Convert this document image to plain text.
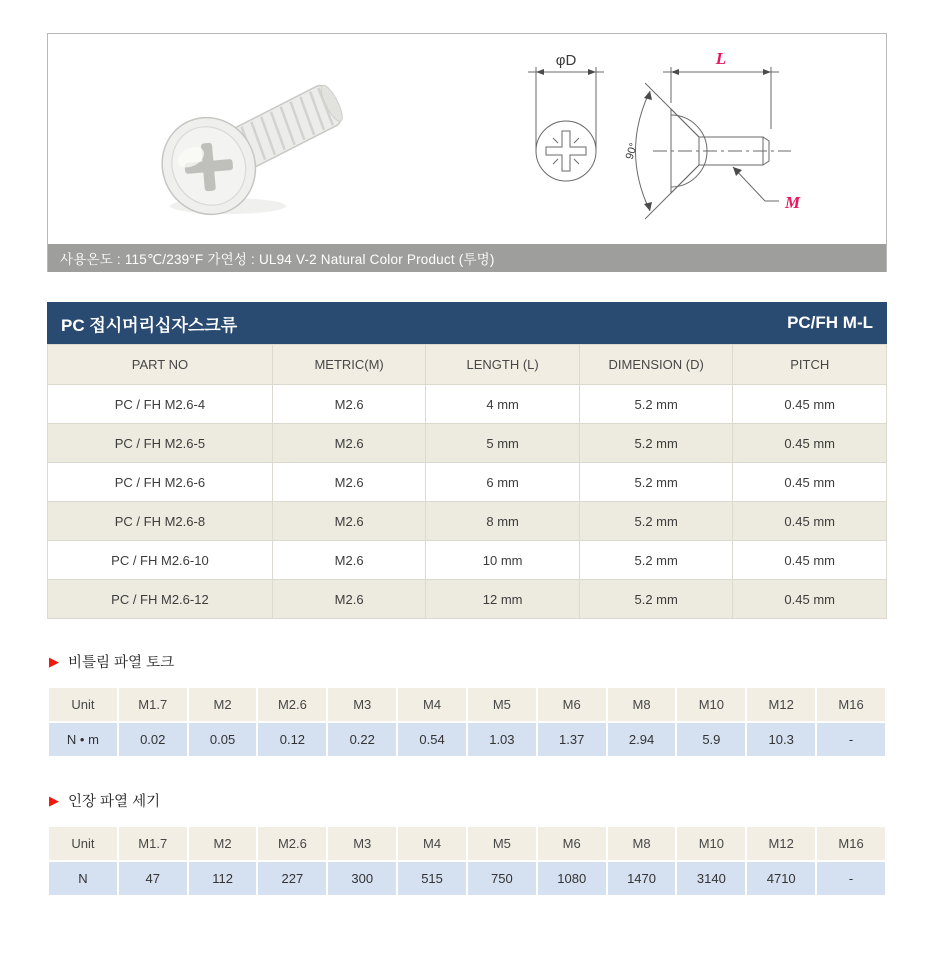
φD	L
90°
M
사용온도 : 115℃/239°F 가연성 : UL94 V-2 Natural Color Product (투명)
PC 접시머리십자스크류	PC/FH M-L
PART NO	METRIC(M)	LENGTH (L)	DIMENSION (D)	PITCH
PC / FH M2.6-4	M2.6	4 mm	5.2 mm	0.45 mm
PC / FH M2.6-5	M2.6	5 mm	5.2 mm	0.45 mm
PC / FH M2.6-6	M2.6	6 mm	5.2 mm	0.45 mm
PC / FH M2.6-8	M2.6	8 mm	5.2 mm	0.45 mm
PC / FH M2.6-10	M2.6	10 mm	5.2 mm	0.45 mm
PC / FH M2.6-12	M2.6	12 mm	5.2 mm	0.45 mm
▶ 비틀림 파열 토크
Unit	M1.7	M2	M2.6	M3	M4	M5	M6	M8	M10	M12	M16
N • m	0.02	0.05	0.12	0.22	0.54	1.03	1.37	2.94	5.9	10.3	-
▶ 인장 파열 세기
Unit	M1.7	M2	M2.6	M3	M4	M5	M6	M8	M10	M12	M16
N	47	112	227	300	515	750	1080	1470	3140	4710	-
